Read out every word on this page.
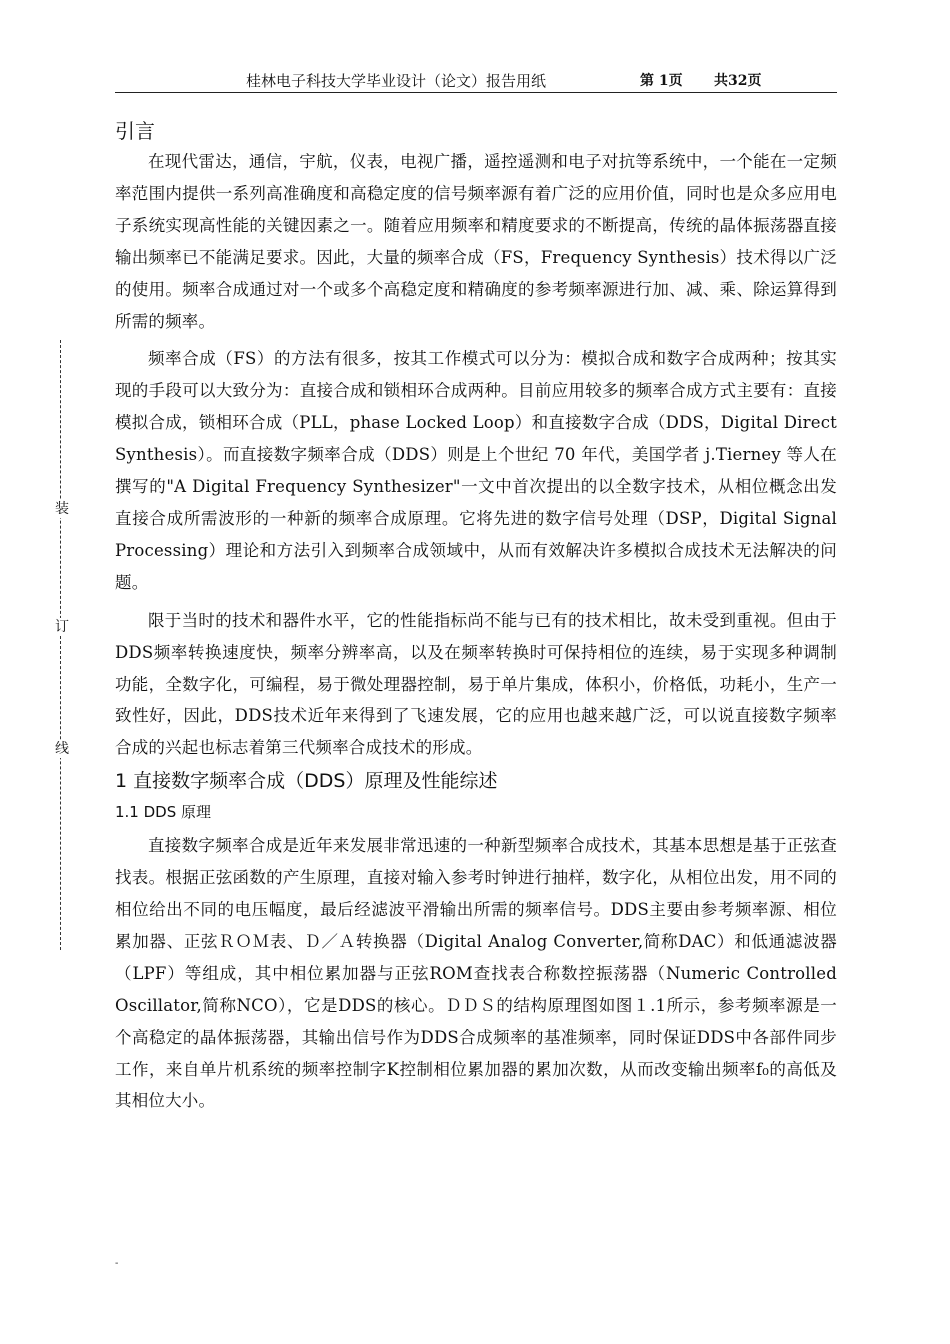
桂林电子科技大学毕业设计（论文）报告用纸	第 1页 共32页
装
订
线
引言

在现代雷达，通信，宇航，仪表，电视广播，遥控遥测和电子对抗等系统中，一个能在一定频率范围内提供一系列高准确度和高稳定度的信号频率源有着广泛的应用价值，同时也是众多应用电子系统实现高性能的关键因素之一。随着应用频率和精度要求的不断提高，传统的晶体振荡器直接输出频率已不能满足要求。因此，大量的频率合成（FS，Frequency Synthesis）技术得以广泛的使用。频率合成通过对一个或多个高稳定度和精确度的参考频率源进行加、减、乘、除运算得到所需的频率。

频率合成（FS）的方法有很多，按其工作模式可以分为：模拟合成和数字合成两种；按其实现的手段可以大致分为：直接合成和锁相环合成两种。目前应用较多的频率合成方式主要有：直接模拟合成，锁相环合成（PLL，phase Locked Loop）和直接数字合成（DDS，Digital Direct Synthesis）。而直接数字频率合成（DDS）则是上个世纪 70 年代，美国学者 j.Tierney 等人在撰写的"A Digital Frequency Synthesizer"一文中首次提出的以全数字技术，从相位概念出发直接合成所需波形的一种新的频率合成原理。它将先进的数字信号处理（DSP，Digital Signal Processing）理论和方法引入到频率合成领域中，从而有效解决许多模拟合成技术无法解决的问题。

限于当时的技术和器件水平，它的性能指标尚不能与已有的技术相比，故未受到重视。但由于DDS频率转换速度快，频率分辨率高，以及在频率转换时可保持相位的连续，易于实现多种调制功能，全数字化，可编程，易于微处理器控制，易于单片集成，体积小，价格低，功耗小，生产一致性好，因此，DDS技术近年来得到了飞速发展，它的应用也越来越广泛，可以说直接数字频率合成的兴起也标志着第三代频率合成技术的形成。

1 直接数字频率合成（DDS）原理及性能综述
1.1 DDS 原理

直接数字频率合成是近年来发展非常迅速的一种新型频率合成技术，其基本思想是基于正弦查找表。根据正弦函数的产生原理，直接对输入参考时钟进行抽样，数字化，从相位出发，用不同的相位给出不同的电压幅度，最后经滤波平滑输出所需的频率信号。DDS主要由参考频率源、相位累加器、正弦ＲＯＭ表、Ｄ／Ａ转换器（Digital Analog Converter,简称DAC）和低通滤波器（LPF）等组成，其中相位累加器与正弦ROM查找表合称数控振荡器（Numeric Controlled Oscillator,简称NCO），它是DDS的核心。ＤＤＳ的结构原理图如图１.1所示，参考频率源是一个高稳定的晶体振荡器，其输出信号作为DDS合成频率的基准频率，同时保证DDS中各部件同步工作，来自单片机系统的频率控制字K控制相位累加器的累加次数，从而改变输出频率f₀的高低及其相位大小。

-
